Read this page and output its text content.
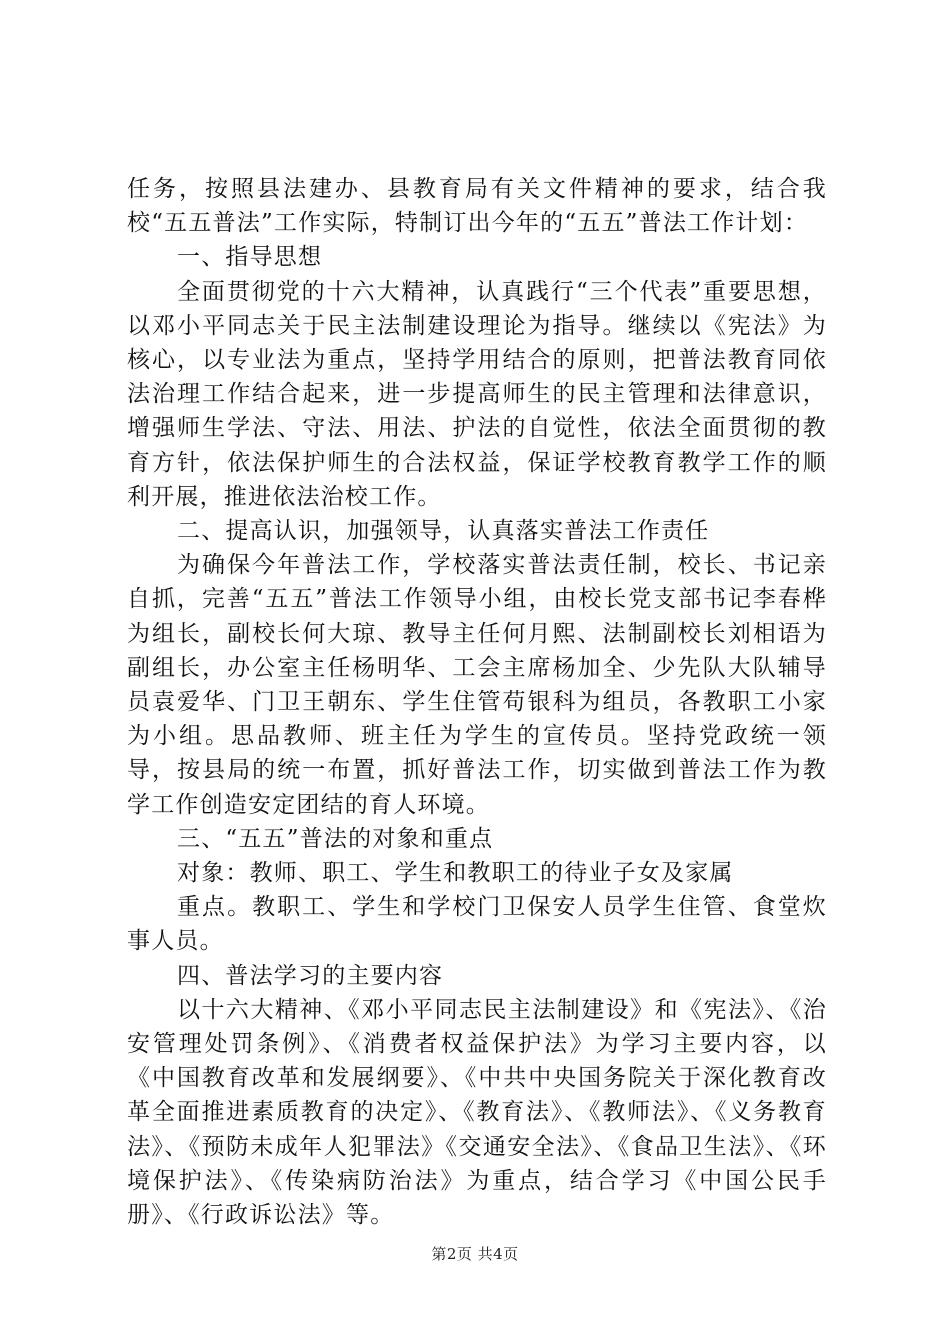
任务，按照县法建办、县教育局有关文件精神的要求，结合我校“五五普法”工作实际，特制订出今年的“五五”普法工作计划：

一、指导思想

全面贯彻党的十六大精神，认真践行“三个代表”重要思想，以邓小平同志关于民主法制建设理论为指导。继续以《宪法》为核心，以专业法为重点，坚持学用结合的原则，把普法教育同依法治理工作结合起来，进一步提高师生的民主管理和法律意识，增强师生学法、守法、用法、护法的自觉性，依法全面贯彻的教育方针，依法保护师生的合法权益，保证学校教育教学工作的顺利开展，推进依法治校工作。

二、提高认识，加强领导，认真落实普法工作责任

为确保今年普法工作，学校落实普法责任制，校长、书记亲自抓，完善“五五”普法工作领导小组，由校长党支部书记李春桦为组长，副校长何大琼、教导主任何月熙、法制副校长刘相语为副组长，办公室主任杨明华、工会主席杨加全、少先队大队辅导员袁爱华、门卫王朝东、学生住管苟银科为组员，各教职工小家为小组。思品教师、班主任为学生的宣传员。坚持党政统一领导，按县局的统一布置，抓好普法工作，切实做到普法工作为教学工作创造安定团结的育人环境。

三、“五五”普法的对象和重点

对象：教师、职工、学生和教职工的待业子女及家属

重点。教职工、学生和学校门卫保安人员学生住管、食堂炊事人员。

四、普法学习的主要内容

以十六大精神、《邓小平同志民主法制建设》和《宪法》、《治安管理处罚条例》、《消费者权益保护法》为学习主要内容，以《中国教育改革和发展纲要》、《中共中央国务院关于深化教育改革全面推进素质教育的决定》、《教育法》、《教师法》、《义务教育法》、《预防未成年人犯罪法》《交通安全法》、《食品卫生法》、《环境保护法》、《传染病防治法》为重点，结合学习《中国公民手册》、《行政诉讼法》等。

第2页 共4页
